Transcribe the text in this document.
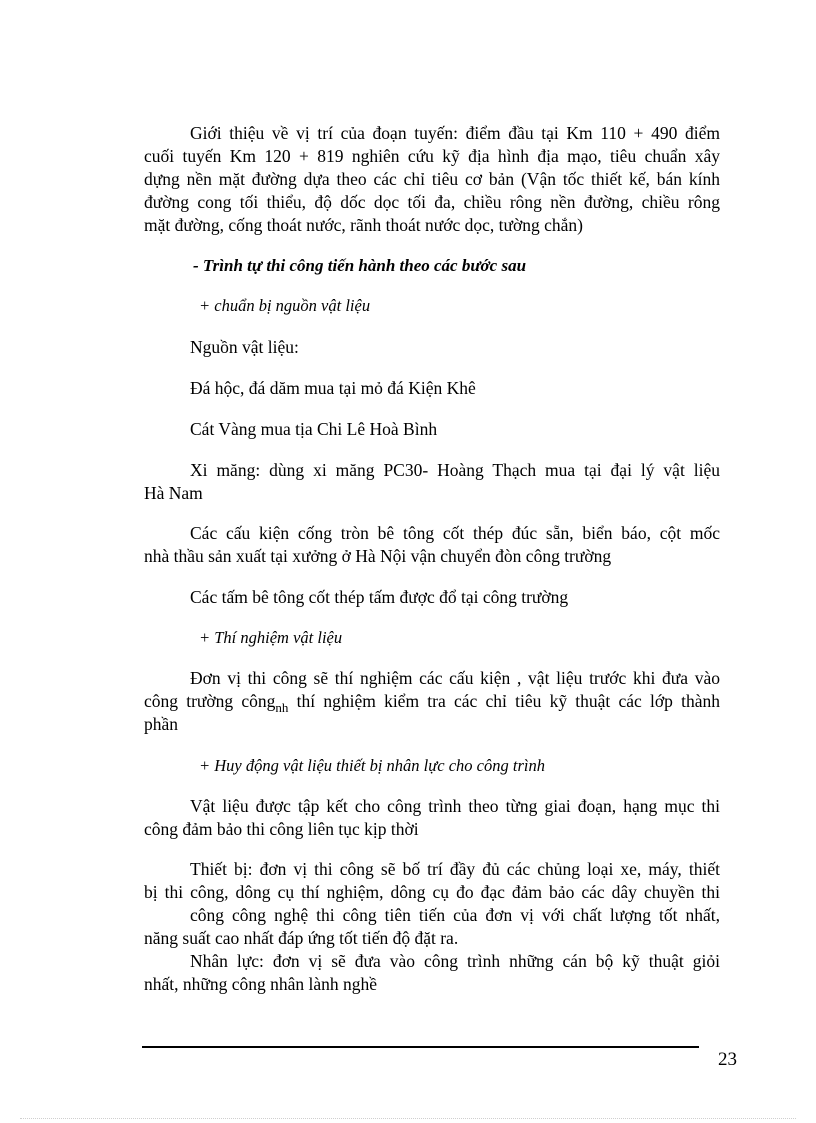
Giới thiệu về vị trí của đoạn tuyến: điểm đầu tại Km 110 + 490 điểm
cuối tuyến Km 120 + 819 nghiên cứu kỹ địa hình địa mạo, tiêu chuẩn xây
dựng nền mặt đường dựa theo các chỉ tiêu cơ bản (Vận tốc thiết kế, bán kính
đường cong tối thiểu, độ dốc dọc tối đa, chiều rông nền đường, chiều rông
mặt đường, cống thoát nước, rãnh thoát nước dọc, tường chắn)
- Trình tự thi công tiến hành theo các bước sau
+ chuẩn bị nguồn vật liệu
Nguồn vật liệu:
Đá hộc, đá dăm mua tại mỏ đá Kiện Khê
Cát Vàng mua tịa Chi Lê Hoà Bình
Xi măng: dùng xi măng PC30- Hoàng Thạch mua tại đại lý vật liệu
Hà Nam
Các cấu kiện cống tròn bê tông cốt thép đúc sẵn, biển báo, cột mốc
nhà thầu sản xuất tại xưởng ở Hà Nội vận chuyển đòn công trường
Các tấm bê tông cốt thép tấm được đổ tại công trường
+ Thí nghiệm vật liệu
Đơn vị thi công sẽ thí nghiệm các cấu kiện , vật liệu trước khi đưa vào
công trường công$_{nh}$ thí nghiệm kiểm tra các chỉ tiêu kỹ thuật các lớp thành
phần
+ Huy động vật liệu thiết bị nhân lực cho công trình
Vật liệu được tập kết cho công trình theo từng giai đoạn, hạng mục thi
công đảm bảo thi công liên tục kịp thời
Thiết bị: đơn vị thi công sẽ bố trí đầy đủ các chủng loại xe, máy, thiết
bị thi công, dông cụ thí nghiệm, dông cụ đo đạc đảm bảo các dây chuyền thi
công công nghệ thi công tiên tiến của đơn vị với chất lượng tốt nhất,
năng suất cao nhất đáp ứng tốt tiến độ đặt ra.
Nhân lực: đơn vị sẽ đưa vào công trình những cán bộ kỹ thuật giỏi
nhất, những công nhân lành nghề
23
